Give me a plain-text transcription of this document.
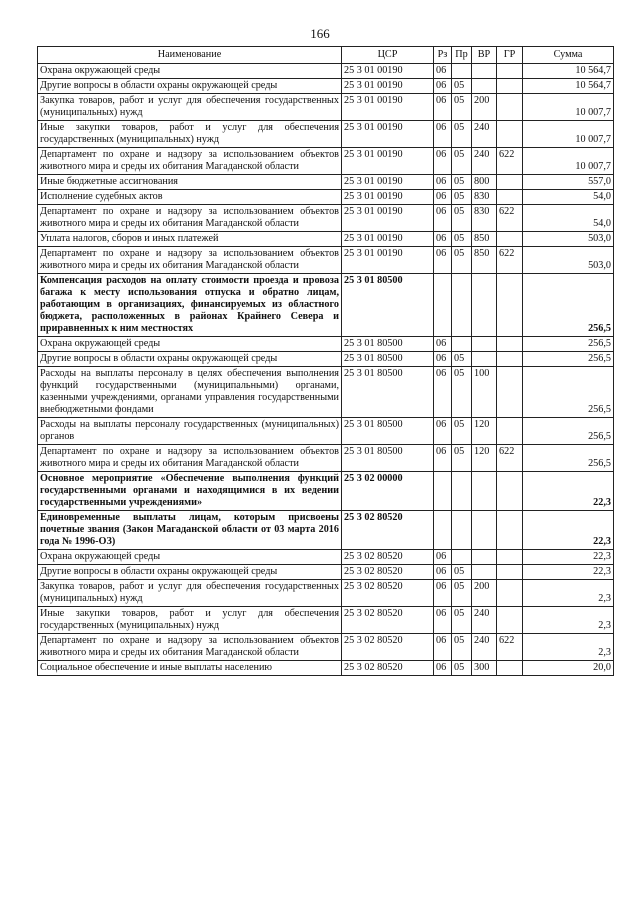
166
Наименование	ЦСР	Рз	Пр	ВР	ГР	Сумма
Охрана окружающей среды	25 3 01 00190	06				10 564,7
Другие вопросы в области охраны окружающей среды	25 3 01 00190	06	05			10 564,7
Закупка товаров, работ и услуг для обеспечения государственных (муниципальных) нужд	25 3 01 00190	06	05	200		10 007,7
Иные закупки товаров, работ и услуг для обеспечения государственных (муниципальных) нужд	25 3 01 00190	06	05	240		10 007,7
Департамент по охране и надзору за использованием объектов животного мира и среды их обитания Магаданской области	25 3 01 00190	06	05	240	622	10 007,7
Иные бюджетные ассигнования	25 3 01 00190	06	05	800		557,0
Исполнение судебных актов	25 3 01 00190	06	05	830		54,0
Департамент по охране и надзору за использованием объектов животного мира и среды их обитания Магаданской области	25 3 01 00190	06	05	830	622	54,0
Уплата налогов, сборов и иных платежей	25 3 01 00190	06	05	850		503,0
Департамент по охране и надзору за использованием объектов животного мира и среды их обитания Магаданской области	25 3 01 00190	06	05	850	622	503,0
Компенсация расходов на оплату стоимости проезда и провоза багажа к месту использования отпуска и обратно лицам, работающим в организациях, финансируемых из областного бюджета, расположенных в районах Крайнего Севера и приравненных к ним местностях	25 3 01 80500					256,5
Охрана окружающей среды	25 3 01 80500	06				256,5
Другие вопросы в области охраны окружающей среды	25 3 01 80500	06	05			256,5
Расходы на выплаты персоналу в целях обеспечения выполнения функций государственными (муниципальными) органами, казенными учреждениями, органами управления государственными внебюджетными фондами	25 3 01 80500	06	05	100		256,5
Расходы на выплаты персоналу государственных (муниципальных) органов	25 3 01 80500	06	05	120		256,5
Департамент по охране и надзору за использованием объектов животного мира и среды их обитания Магаданской области	25 3 01 80500	06	05	120	622	256,5
Основное мероприятие «Обеспечение выполнения функций государственными органами и находящимися в их ведении государственными учреждениями»	25 3 02 00000					22,3
Единовременные выплаты лицам, которым присвоены почетные звания (Закон Магаданской области от 03 марта 2016 года № 1996-ОЗ)	25 3 02 80520					22,3
Охрана окружающей среды	25 3 02 80520	06				22,3
Другие вопросы в области охраны окружающей среды	25 3 02 80520	06	05			22,3
Закупка товаров, работ и услуг для обеспечения государственных (муниципальных) нужд	25 3 02 80520	06	05	200		2,3
Иные закупки товаров, работ и услуг для обеспечения государственных (муниципальных) нужд	25 3 02 80520	06	05	240		2,3
Департамент по охране и надзору за использованием объектов животного мира и среды их обитания Магаданской области	25 3 02 80520	06	05	240	622	2,3
Социальное обеспечение и иные выплаты населению	25 3 02 80520	06	05	300		20,0
